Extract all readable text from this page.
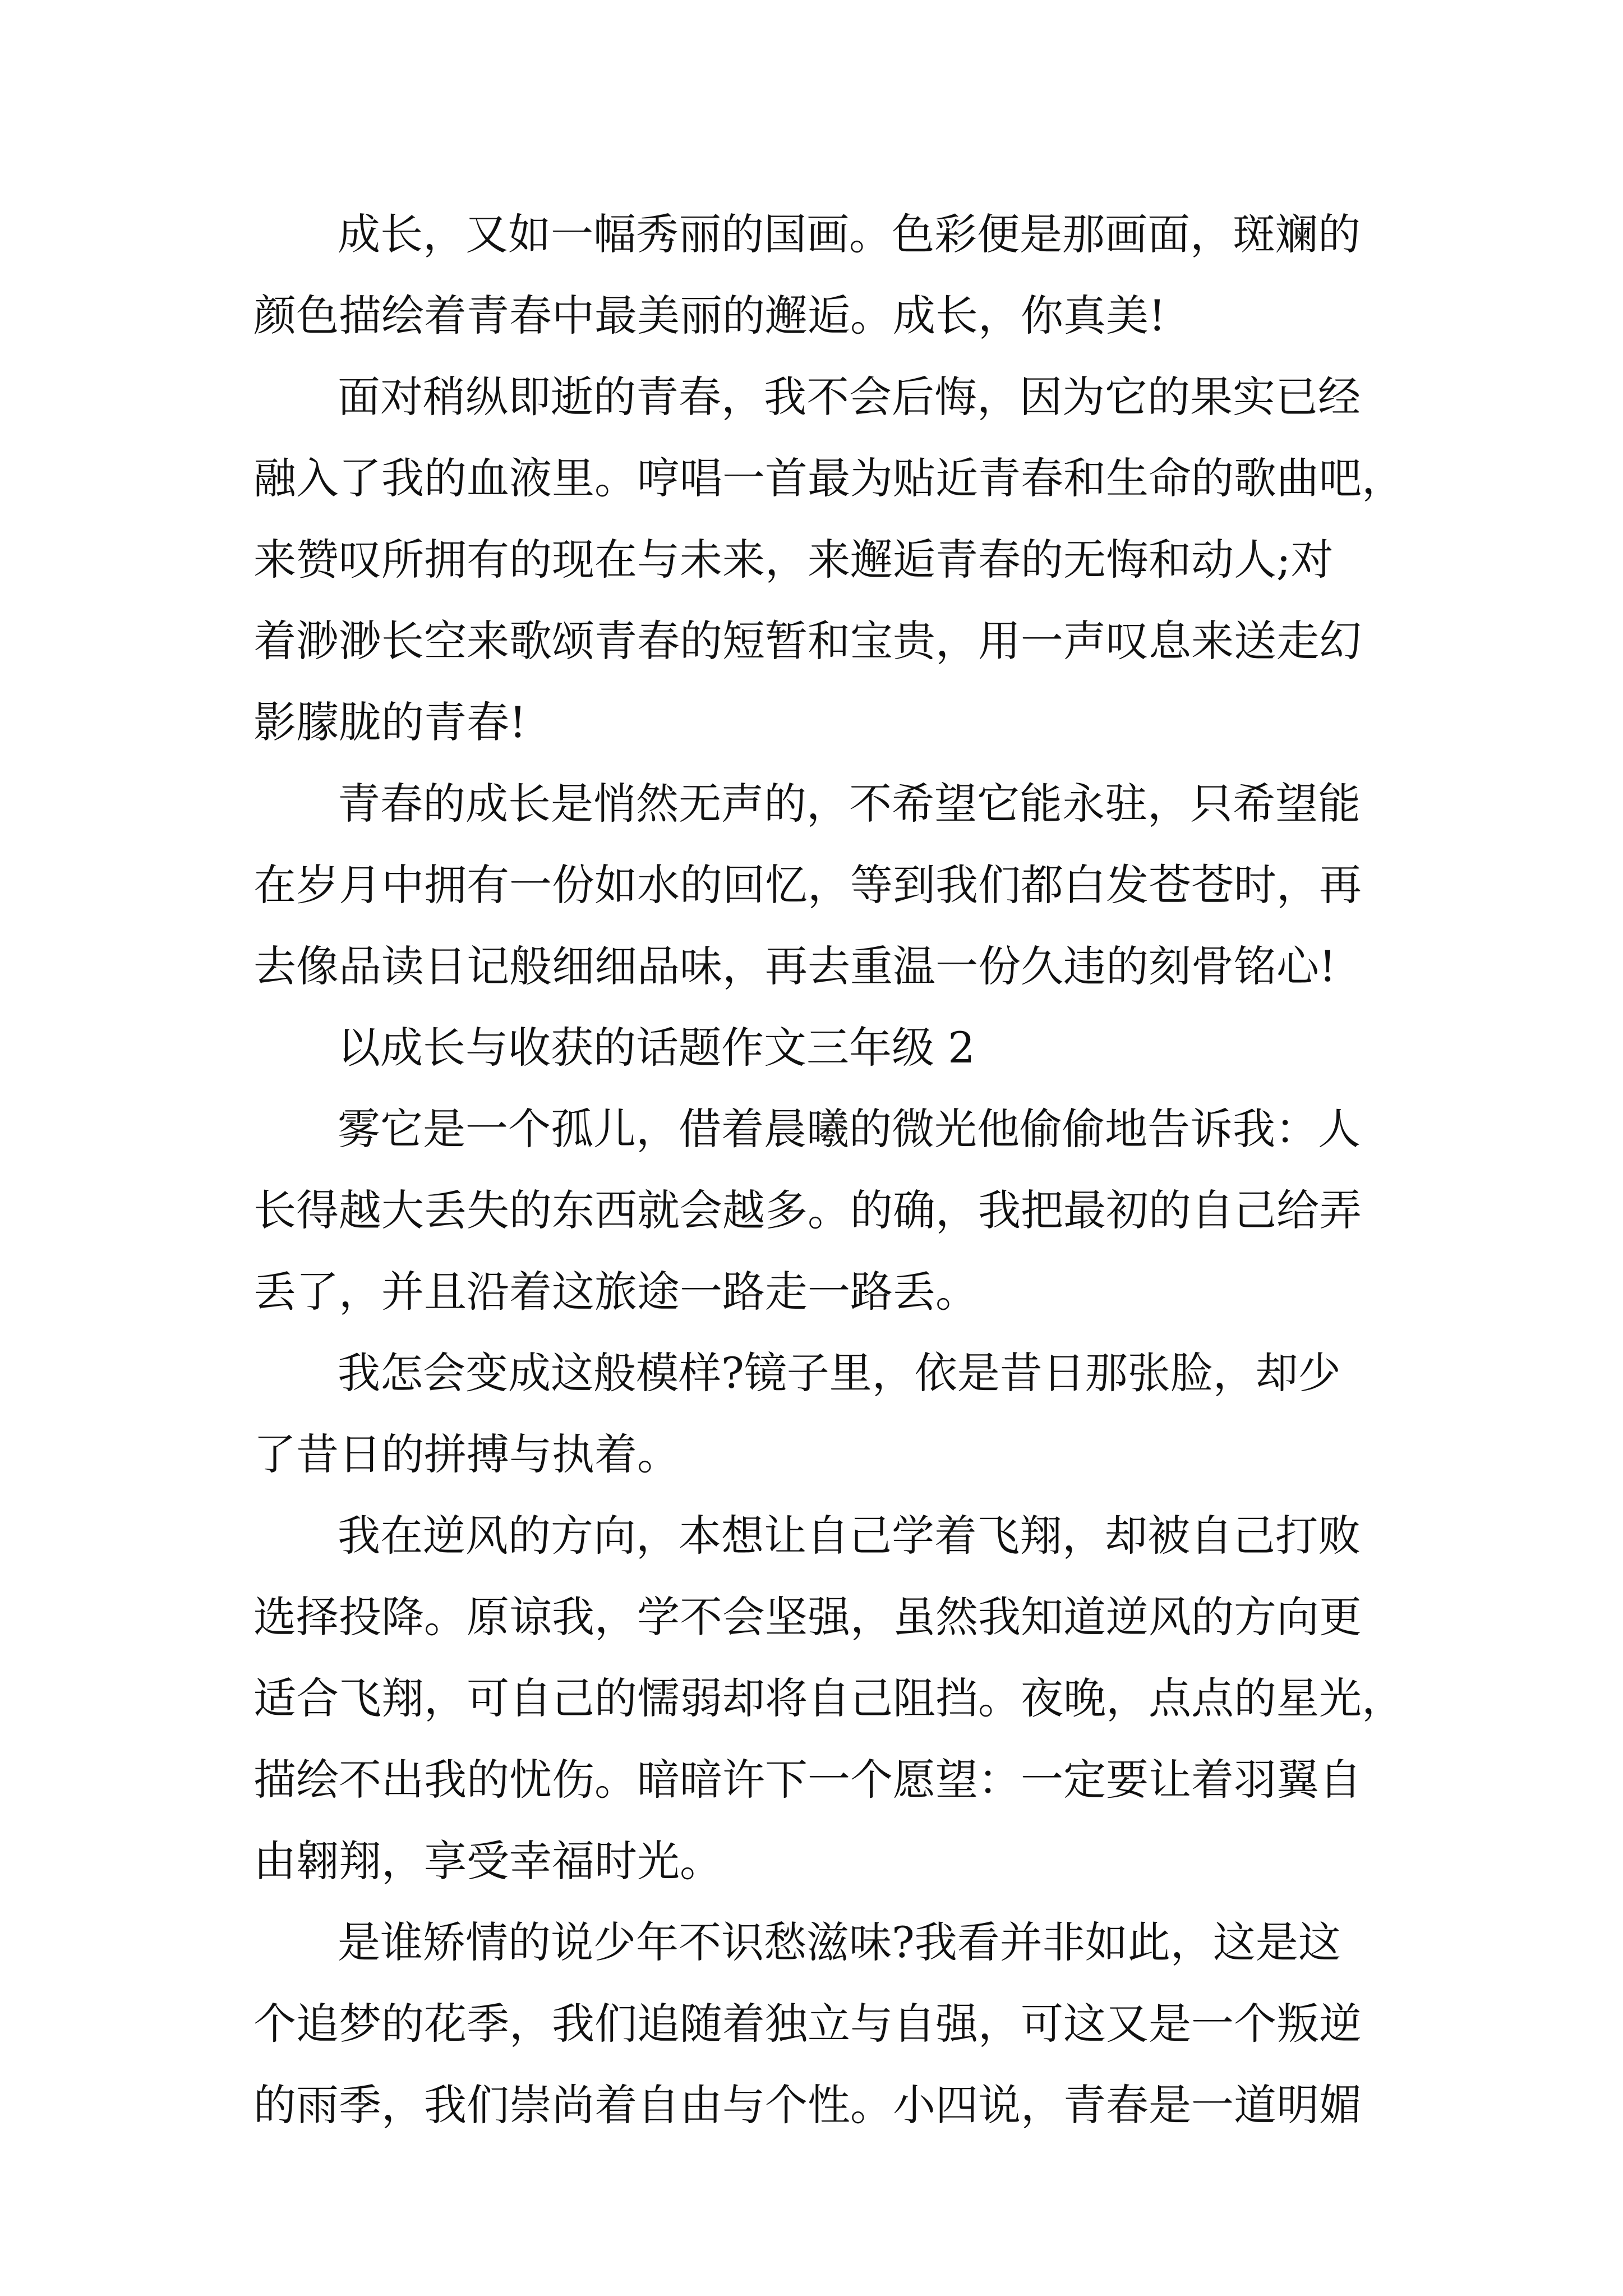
成长，又如一幅秀丽的国画。色彩便是那画面，斑斓的
颜色描绘着青春中最美丽的邂逅。成长，你真美!
面对稍纵即逝的青春，我不会后悔，因为它的果实已经
融入了我的血液里。哼唱一首最为贴近青春和生命的歌曲吧，
来赞叹所拥有的现在与未来，来邂逅青春的无悔和动人;对
着渺渺长空来歌颂青春的短暂和宝贵，用一声叹息来送走幻
影朦胧的青春!
青春的成长是悄然无声的，不希望它能永驻，只希望能
在岁月中拥有一份如水的回忆，等到我们都白发苍苍时，再
去像品读日记般细细品味，再去重温一份久违的刻骨铭心!
以成长与收获的话题作文三年级 2
雾它是一个孤儿，借着晨曦的微光他偷偷地告诉我：人
长得越大丢失的东西就会越多。的确，我把最初的自己给弄
丢了，并且沿着这旅途一路走一路丢。
我怎会变成这般模样?镜子里，依是昔日那张脸，却少
了昔日的拼搏与执着。
我在逆风的方向，本想让自己学着飞翔，却被自己打败
选择投降。原谅我，学不会坚强，虽然我知道逆风的方向更
适合飞翔，可自己的懦弱却将自己阻挡。夜晚，点点的星光，
描绘不出我的忧伤。暗暗许下一个愿望：一定要让着羽翼自
由翱翔，享受幸福时光。
是谁矫情的说少年不识愁滋味?我看并非如此，这是这
个追梦的花季，我们追随着独立与自强，可这又是一个叛逆
的雨季，我们崇尚着自由与个性。小四说，青春是一道明媚
